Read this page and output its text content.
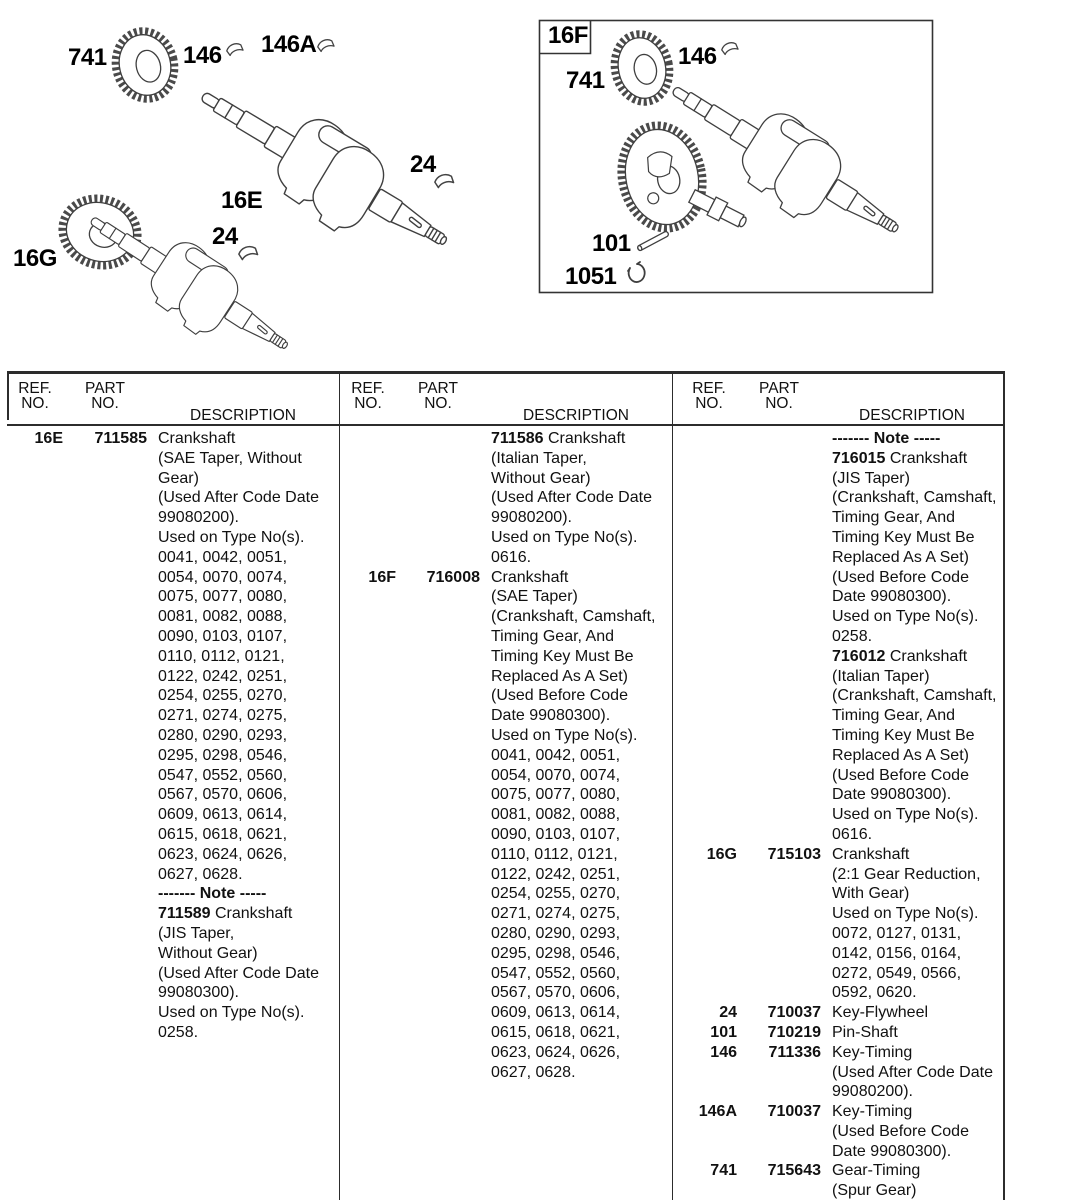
741	146 146A
24
16E
24
16G
16F
741
146
101
1051
REF.
NO.
PART
NO.
DESCRIPTION
16E	711585 Crankshaft
(SAE Taper, Without
Gear)
(Used After Code Date
99080200).
Used on Type No(s).
0041, 0042, 0051,
0054, 0070, 0074,
0075, 0077, 0080,
0081, 0082, 0088,
0090, 0103, 0107,
0110, 0112, 0121,
0122, 0242, 0251,
0254, 0255, 0270,
0271, 0274, 0275,
0280, 0290, 0293,
0295, 0298, 0546,
0547, 0552, 0560,
0567, 0570, 0606,
0609, 0613, 0614,
0615, 0618, 0621,
0623, 0624, 0626,
0627, 0628.
------- Note -----
711589 Crankshaft
(JIS Taper,
Without Gear)
(Used After Code Date
99080300).
Used on Type No(s).
0258.
REF.
NO.
PART
NO.
DESCRIPTION

711586 Crankshaft
(Italian Taper,
Without Gear)
(Used After Code Date
99080200).
Used on Type No(s).
0616.
16F	716008 Crankshaft
(SAE Taper)
(Crankshaft, Camshaft,
Timing Gear, And
Timing Key Must Be
Replaced As A Set)
(Used Before Code
Date 99080300).
Used on Type No(s).
0041, 0042, 0051,
0054, 0070, 0074,
0075, 0077, 0080,
0081, 0082, 0088,
0090, 0103, 0107,
0110, 0112, 0121,
0122, 0242, 0251,
0254, 0255, 0270,
0271, 0274, 0275,
0280, 0290, 0293,
0295, 0298, 0546,
0547, 0552, 0560,
0567, 0570, 0606,
0609, 0613, 0614,
0615, 0618, 0621,
0623, 0624, 0626,
0627, 0628.
REF.
NO.
PART
NO.
DESCRIPTION

------- Note -----
716015 Crankshaft
(JIS Taper)
(Crankshaft, Camshaft,
Timing Gear, And
Timing Key Must Be
Replaced As A Set)
(Used Before Code
Date 99080300).
Used on Type No(s).
0258.
716012 Crankshaft
(Italian Taper)
(Crankshaft, Camshaft,
Timing Gear, And
Timing Key Must Be
Replaced As A Set)
(Used Before Code
Date 99080300).
Used on Type No(s).
0616.
16G	715103 Crankshaft
(2:1 Gear Reduction,
With Gear)
Used on Type No(s).
0072, 0127, 0131,
0142, 0156, 0164,
0272, 0549, 0566,
0592, 0620.
24	710037 Key-Flywheel
101	710219 Pin-Shaft
146	711336 Key-Timing
(Used After Code Date
99080200).
146A	710037 Key-Timing
(Used Before Code
Date 99080300).
741	715643 Gear-Timing
(Spur Gear)
